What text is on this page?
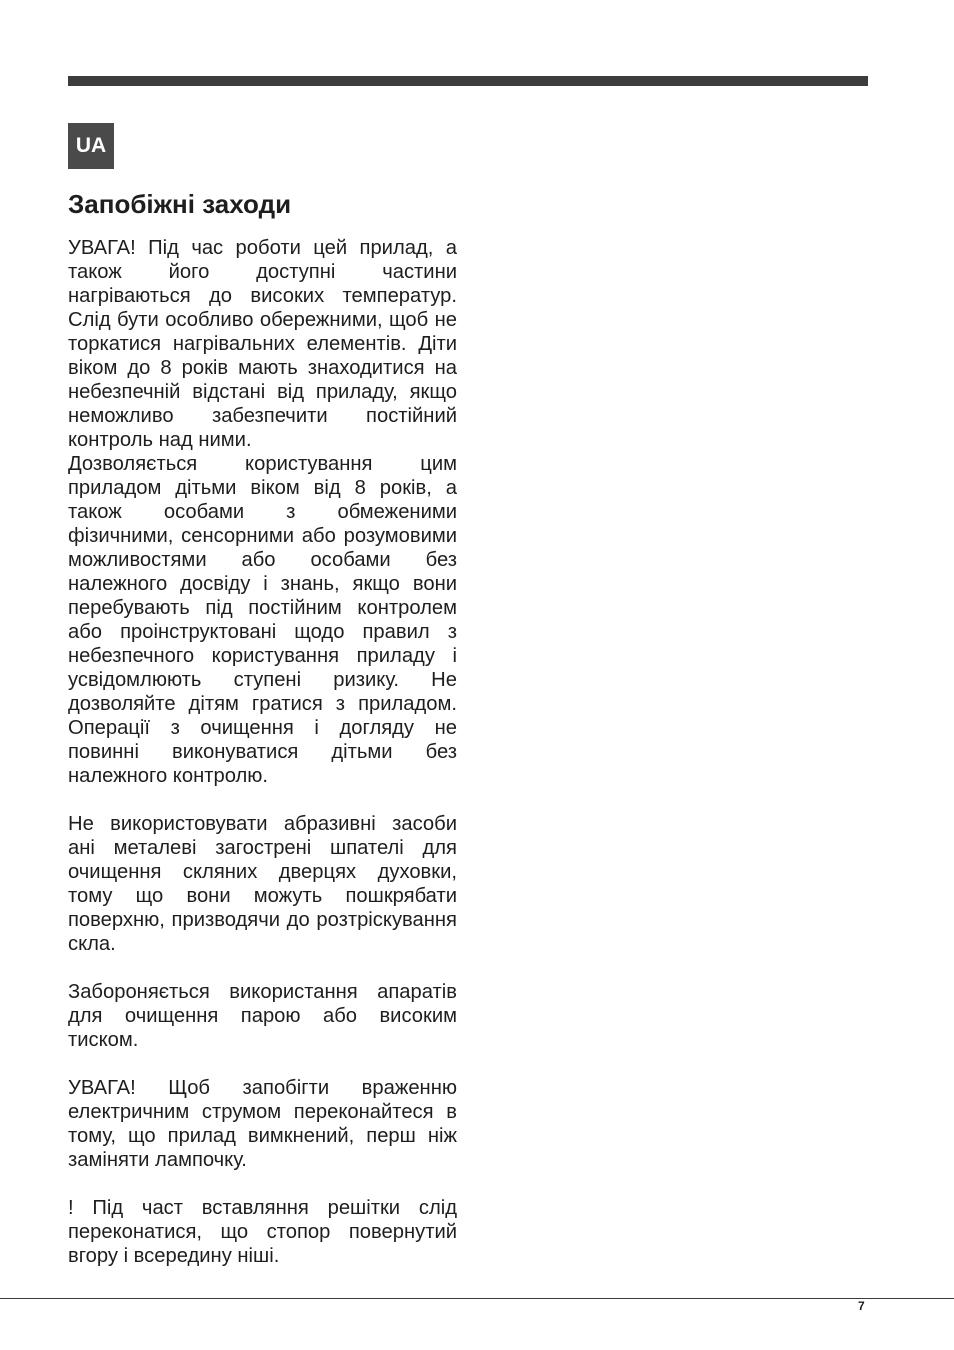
UA
Запобіжні заходи

УВАГА! Під час роботи цей прилад, а також його доступні частини нагріваються до високих температур. Слід бути особливо обережними, щоб не торкатися нагрівальних елементів. Діти віком до 8 років мають знаходитися на небезпечній відстані від приладу, якщо неможливо забезпечити постійний контроль над ними.

Дозволяється користування цим приладом дітьми віком від 8 років, а також особами з обмеженими фізичними, сенсорними або розумовими можливостями або особами без належного досвіду і знань, якщо вони перебувають під постійним контролем або проінструктовані щодо правил з небезпечного користування приладу і усвідомлюють ступені ризику. Не дозволяйте дітям гратися з приладом. Операції з очищення і догляду не повинні виконуватися дітьми без належного контролю.

Не використовувати абразивні засоби ані металеві загострені шпателі для очищення скляних дверцях духовки, тому що вони можуть пошкрябати поверхню, призводячи до розтріскування скла.

Забороняється використання апаратів для очищення парою або високим тиском.

УВАГА! Щоб запобігти враженню електричним струмом переконайтеся в тому, що прилад вимкнений, перш ніж заміняти лампочку.

! Під част вставляння решітки слід переконатися, що стопор повернутий вгору і всередину ніші.

7
